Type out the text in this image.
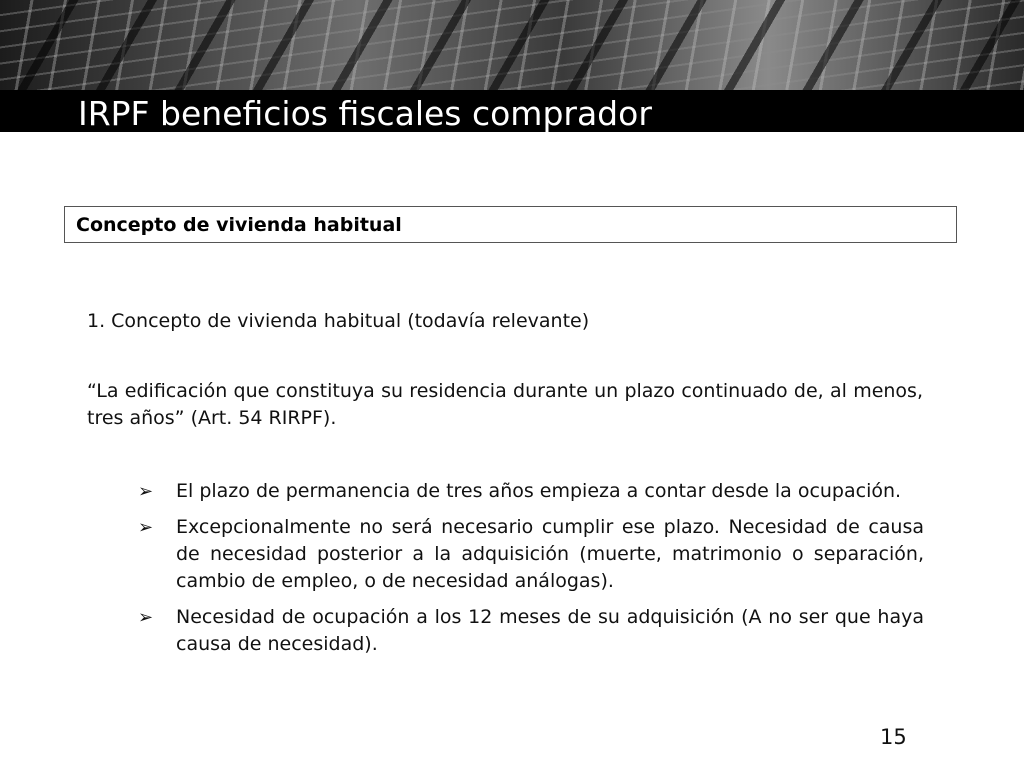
IRPF beneficios fiscales comprador
Concepto de vivienda habitual
1. Concepto de vivienda habitual (todavía relevante)
“La edificación que constituya su residencia durante un plazo continuado de, al menos, tres años” (Art. 54 RIRPF).
➢	El plazo de permanencia de tres años empieza a contar desde la ocupación.
➢	Excepcionalmente no será necesario cumplir ese plazo. Necesidad de causa de necesidad posterior a la adquisición (muerte, matrimonio o separación, cambio de empleo, o de necesidad análogas).
➢	Necesidad de ocupación a los 12 meses de su adquisición (A no ser que haya causa de necesidad).
15
